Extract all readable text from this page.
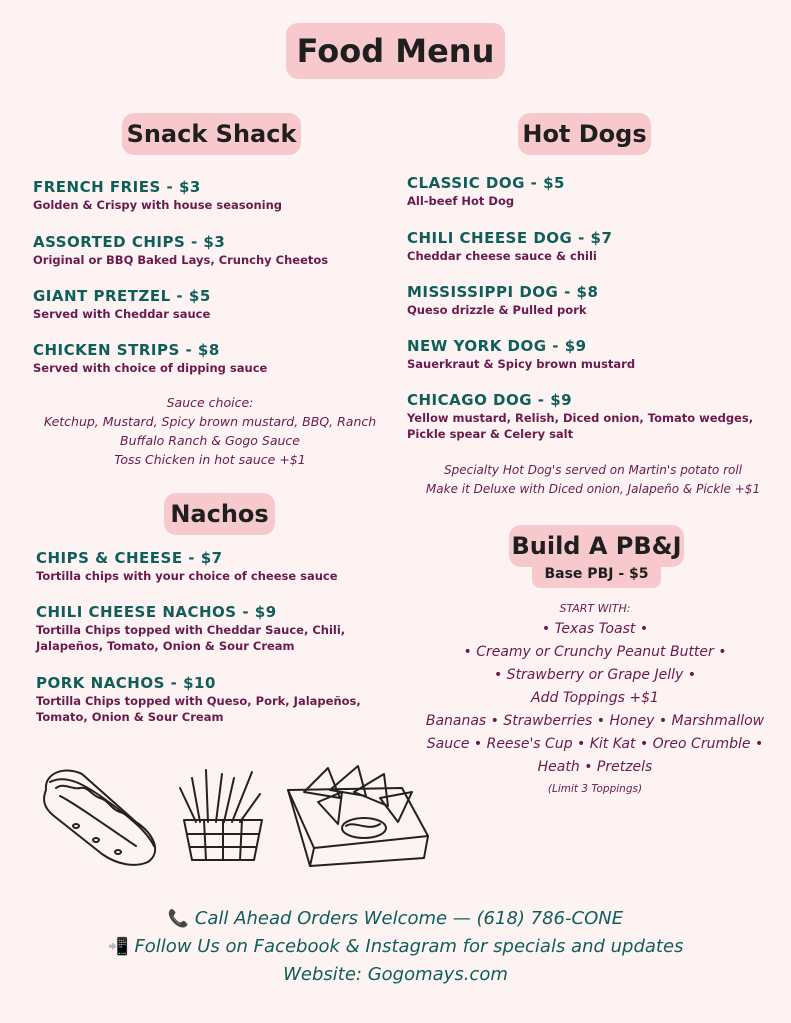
Food Menu
Snack Shack
FRENCH FRIES - $3
Golden & Crispy with house seasoning
ASSORTED CHIPS - $3
Original or BBQ Baked Lays, Crunchy Cheetos
GIANT PRETZEL - $5
Served with Cheddar sauce
CHICKEN STRIPS - $8
Served with choice of dipping sauce
Sauce choice:
Ketchup, Mustard, Spicy brown mustard, BBQ, Ranch
Buffalo Ranch & Gogo Sauce
Toss Chicken in hot sauce +$1
Hot Dogs
CLASSIC DOG - $5
All-beef Hot Dog
CHILI CHEESE DOG - $7
Cheddar cheese sauce & chili
MISSISSIPPI DOG - $8
Queso drizzle & Pulled pork
NEW YORK DOG - $9
Sauerkraut & Spicy brown mustard
CHICAGO DOG - $9
Yellow mustard, Relish, Diced onion, Tomato wedges, Pickle spear & Celery salt
Specialty Hot Dog's served on Martin's potato roll
Make it Deluxe with Diced onion, Jalapeño & Pickle +$1
Nachos
CHIPS & CHEESE - $7
Tortilla chips with your choice of cheese sauce
CHILI CHEESE NACHOS - $9
Tortilla Chips topped with Cheddar Sauce, Chili, Jalapeños, Tomato, Onion & Sour Cream
PORK NACHOS - $10
Tortilla Chips topped with Queso, Pork, Jalapeños, Tomato, Onion & Sour Cream
Build A PB&J
Base PBJ - $5
START WITH:
• Texas Toast •
• Creamy or Crunchy Peanut Butter •
• Strawberry or Grape Jelly •
Add Toppings +$1
Bananas • Strawberries • Honey • Marshmallow
Sauce • Reese's Cup • Kit Kat • Oreo Crumble •
Heath • Pretzels
(Limit 3 Toppings)
📞 Call Ahead Orders Welcome — (618) 786-CONE
📲 Follow Us on Facebook & Instagram for specials and updates
Website: Gogomays.com
